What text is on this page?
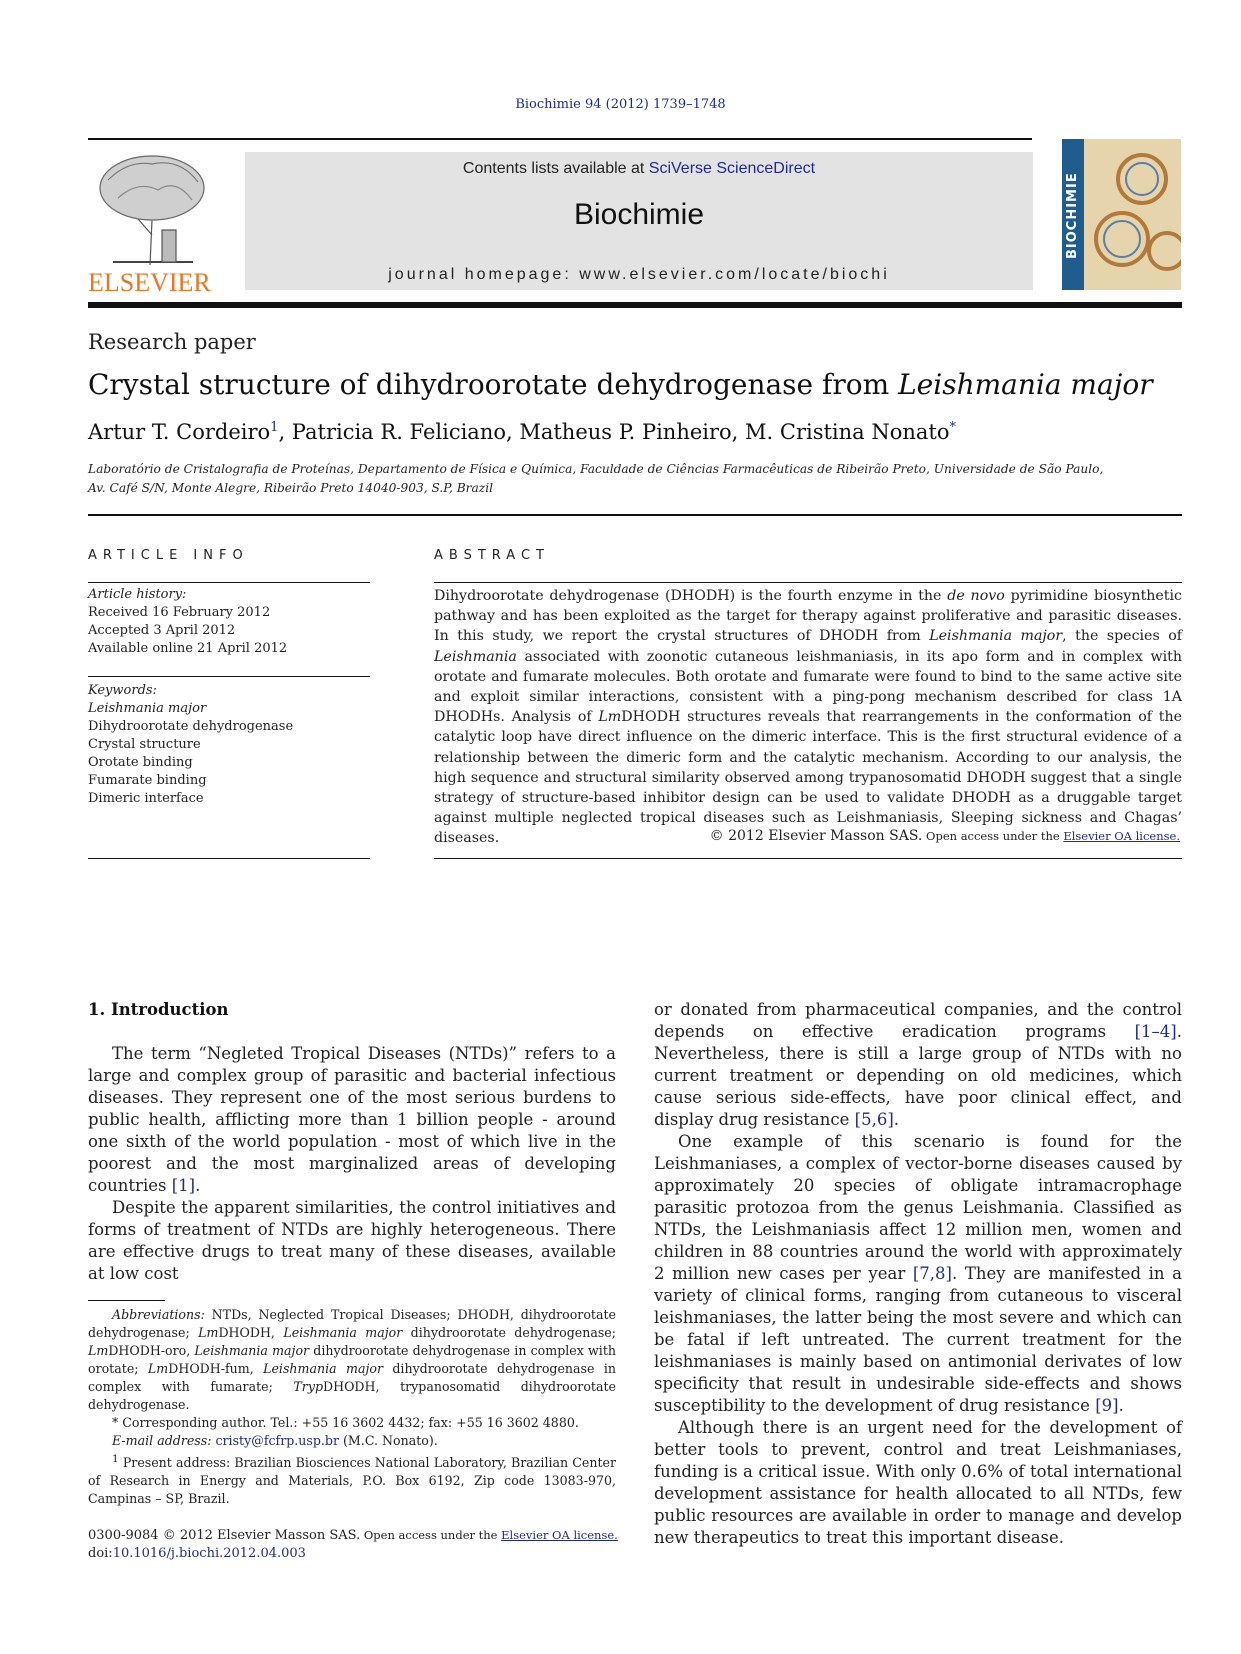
Biochimie 94 (2012) 1739–1748
ELSEVIER
Contents lists available at SciVerse ScienceDirect
Biochimie
journal homepage: www.elsevier.com/locate/biochi
BIOCHIMIE
Research paper
Crystal structure of dihydroorotate dehydrogenase from Leishmania major
Artur T. Cordeiro$^1$, Patricia R. Feliciano, Matheus P. Pinheiro, M. Cristina Nonato*
Laboratório de Cristalografia de Proteínas, Departamento de Física e Química, Faculdade de Ciências Farmacêuticas de Ribeirão Preto, Universidade de São Paulo,
Av. Café S/N, Monte Alegre, Ribeirão Preto 14040-903, S.P, Brazil
ARTICLE INFO	ABSTRACT
Article history:
Received 16 February 2012
Accepted 3 April 2012
Available online 21 April 2012
Keywords:
Leishmania major
Dihydroorotate dehydrogenase
Crystal structure
Orotate binding
Fumarate binding
Dimeric interface
Dihydroorotate dehydrogenase (DHODH) is the fourth enzyme in the de novo pyrimidine biosynthetic pathway and has been exploited as the target for therapy against proliferative and parasitic diseases. In this study, we report the crystal structures of DHODH from Leishmania major, the species of Leishmania associated with zoonotic cutaneous leishmaniasis, in its apo form and in complex with orotate and fumarate molecules. Both orotate and fumarate were found to bind to the same active site and exploit similar interactions, consistent with a ping-pong mechanism described for class 1A DHODHs. Analysis of LmDHODH structures reveals that rearrangements in the conformation of the catalytic loop have direct influence on the dimeric interface. This is the first structural evidence of a relationship between the dimeric form and the catalytic mechanism. According to our analysis, the high sequence and structural similarity observed among trypanosomatid DHODH suggest that a single strategy of structure-based inhibitor design can be used to validate DHODH as a druggable target against multiple neglected tropical diseases such as Leishmaniasis, Sleeping sickness and Chagas’ diseases.	© 2012 Elsevier Masson SAS. Open access under the Elsevier OA license.
1. Introduction

The term “Negleted Tropical Diseases (NTDs)” refers to a large and complex group of parasitic and bacterial infectious diseases. They represent one of the most serious burdens to public health, afflicting more than 1 billion people - around one sixth of the world population - most of which live in the poorest and the most marginalized areas of developing countries [1].

Despite the apparent similarities, the control initiatives and forms of treatment of NTDs are highly heterogeneous. There are effective drugs to treat many of these diseases, available at low cost

or donated from pharmaceutical companies, and the control depends on effective eradication programs [1–4]. Nevertheless, there is still a large group of NTDs with no current treatment or depending on old medicines, which cause serious side-effects, have poor clinical effect, and display drug resistance [5,6].

One example of this scenario is found for the Leishmaniases, a complex of vector-borne diseases caused by approximately 20 species of obligate intramacrophage parasitic protozoa from the genus Leishmania. Classified as NTDs, the Leishmaniasis affect 12 million men, women and children in 88 countries around the world with approximately 2 million new cases per year [7,8]. They are manifested in a variety of clinical forms, ranging from cutaneous to visceral leishmaniases, the latter being the most severe and which can be fatal if left untreated. The current treatment for the leishmaniases is mainly based on antimonial derivates of low specificity that result in undesirable side-effects and shows susceptibility to the development of drug resistance [9].

Although there is an urgent need for the development of better tools to prevent, control and treat Leishmaniases, funding is a critical issue. With only 0.6% of total international development assistance for health allocated to all NTDs, few public resources are available in order to manage and develop new therapeutics to treat this important disease.

Abbreviations: NTDs, Neglected Tropical Diseases; DHODH, dihydroorotate dehydrogenase; LmDHODH, Leishmania major dihydroorotate dehydrogenase; LmDHODH-oro, Leishmania major dihydroorotate dehydrogenase in complex with orotate; LmDHODH-fum, Leishmania major dihydroorotate dehydrogenase in complex with fumarate; TrypDHODH, trypanosomatid dihydroorotate dehydrogenase.

* Corresponding author. Tel.: +55 16 3602 4432; fax: +55 16 3602 4880.

E-mail address: cristy@fcfrp.usp.br (M.C. Nonato).

$^1$ Present address: Brazilian Biosciences National Laboratory, Brazilian Center of Research in Energy and Materials, P.O. Box 6192, Zip code 13083-970, Campinas – SP, Brazil.

0300-9084 © 2012 Elsevier Masson SAS. Open access under the Elsevier OA license.
doi:10.1016/j.biochi.2012.04.003
